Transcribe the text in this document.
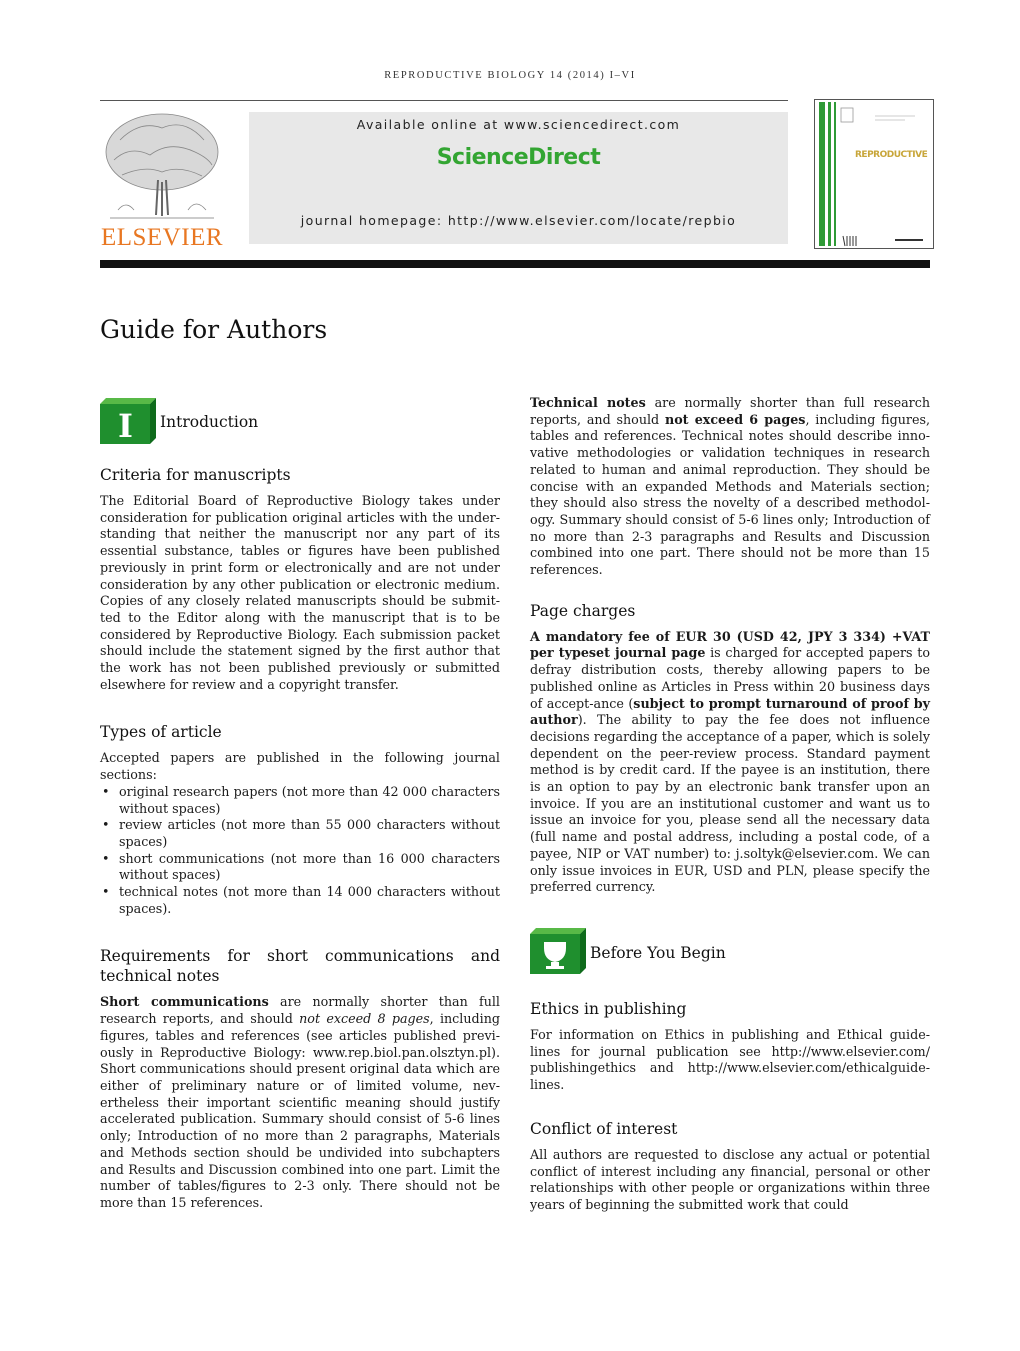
REPRODUCTIVE BIOLOGY 14 (2014) I–VI
ELSEVIER
Available online at www.sciencedirect.com
ScienceDirect
journal homepage: http://www.elsevier.com/locate/repbio
REPRODUCTIVE
Guide for Authors
I Introduction
Criteria for manuscripts

The Editorial Board of Reproductive Biology takes under consideration for publication original articles with the under-standing that neither the manuscript nor any part of its essential substance, tables or figures have been published previously in print form or electronically and are not under consideration by any other publication or electronic medium. Copies of any closely related manuscripts should be submit-ted to the Editor along with the manuscript that is to be considered by Reproductive Biology. Each submission packet should include the statement signed by the first author that the work has not been published previously or submitted elsewhere for review and a copyright transfer.

Types of article

Accepted papers are published in the following journal sections:

• original research papers (not more than 42 000 characters without spaces)
• review articles (not more than 55 000 characters without spaces)
• short communications (not more than 16 000 characters without spaces)
• technical notes (not more than 14 000 characters without spaces).
Requirements for short communications and technical notes

Short communications are normally shorter than full research reports, and should not exceed 8 pages, including figures, tables and references (see articles published previ-ously in Reproductive Biology: www.rep.biol.pan.olsztyn.pl). Short communications should present original data which are either of preliminary nature or of limited volume, nev-ertheless their important scientific meaning should justify accelerated publication. Summary should consist of 5-6 lines only; Introduction of no more than 2 paragraphs, Materials and Methods section should be undivided into subchapters and Results and Discussion combined into one part. Limit the number of tables/figures to 2-3 only. There should not be more than 15 references.

Technical notes are normally shorter than full research reports, and should not exceed 6 pages, including figures, tables and references. Technical notes should describe inno-vative methodologies or validation techniques in research related to human and animal reproduction. They should be concise with an expanded Methods and Materials section; they should also stress the novelty of a described methodol-ogy. Summary should consist of 5-6 lines only; Introduction of no more than 2-3 paragraphs and Results and Discussion combined into one part. There should not be more than 15 references.

Page charges

A mandatory fee of EUR 30 (USD 42, JPY 3 334) +VAT per typeset journal page is charged for accepted papers to defray distribution costs, thereby allowing papers to be published online as Articles in Press within 20 business days of accept-ance (subject to prompt turnaround of proof by author). The ability to pay the fee does not influence decisions regarding the acceptance of a paper, which is solely dependent on the peer-review process. Standard payment method is by credit card. If the payee is an institution, there is an option to pay by an electronic bank transfer upon an invoice. If you are an institutional customer and want us to issue an invoice for you, please send all the necessary data (full name and postal address, including a postal code, of a payee, NIP or VAT number) to: j.soltyk@elsevier.com. We can only issue invoices in EUR, USD and PLN, please specify the preferred currency.

Before You Begin
Ethics in publishing

For information on Ethics in publishing and Ethical guide-lines for journal publication see http://www.elsevier.com/ publishingethics and http://www.elsevier.com/ethicalguide-lines.

Conflict of interest

All authors are requested to disclose any actual or potential conflict of interest including any financial, personal or other relationships with other people or organizations within three years of beginning the submitted work that could
